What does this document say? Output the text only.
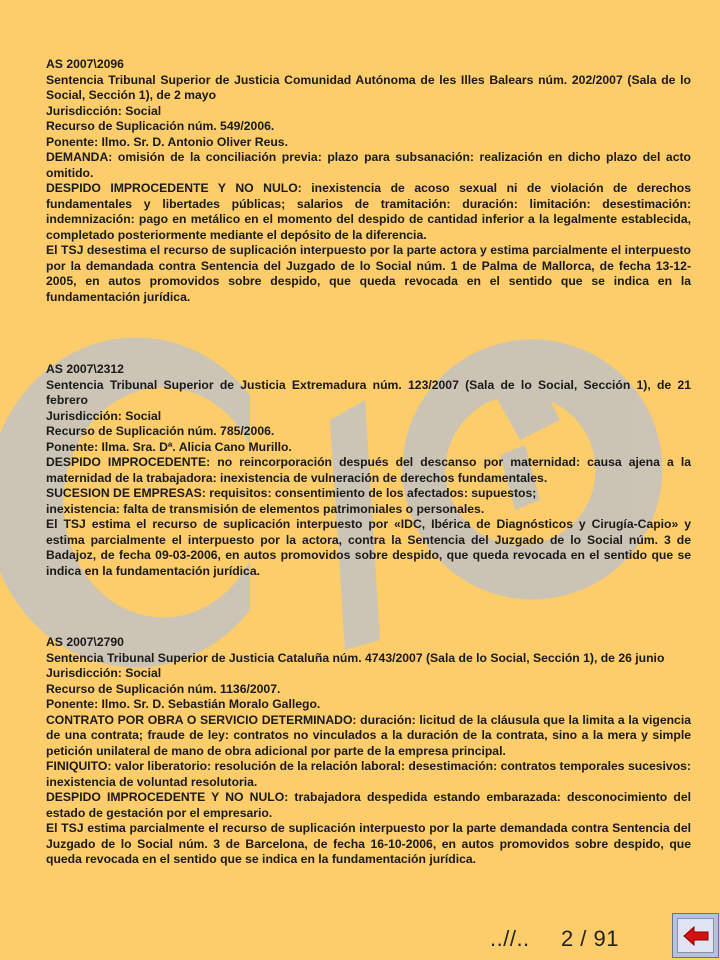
AS 2007\2096

Sentencia Tribunal Superior de Justicia Comunidad Autónoma de les Illes Balears núm. 202/2007 (Sala de lo Social, Sección 1), de 2 mayo

Jurisdicción: Social

Recurso de Suplicación núm. 549/2006.

Ponente: Ilmo. Sr. D. Antonio Oliver Reus.

DEMANDA: omisión de la conciliación previa: plazo para subsanación: realización en dicho plazo del acto omitido.

DESPIDO IMPROCEDENTE Y NO NULO: inexistencia de acoso sexual ni de violación de derechos fundamentales y libertades públicas; salarios de tramitación: duración: limitación: desestimación: indemnización: pago en metálico en el momento del despido de cantidad inferior a la legalmente establecida, completado posteriormente mediante el depósito de la diferencia.

El TSJ desestima el recurso de suplicación interpuesto por la parte actora y estima parcialmente el interpuesto por la demandada contra Sentencia del Juzgado de lo Social núm. 1 de Palma de Mallorca, de fecha 13-12-2005, en autos promovidos sobre despido, que queda revocada en el sentido que se indica en la fundamentación jurídica.

AS 2007\2312

Sentencia Tribunal Superior de Justicia Extremadura núm. 123/2007 (Sala de lo Social, Sección 1), de 21 febrero

Jurisdicción: Social

Recurso de Suplicación núm. 785/2006.

Ponente: Ilma. Sra. Dª. Alicia Cano Murillo.

DESPIDO IMPROCEDENTE: no reincorporación después del descanso por maternidad: causa ajena a la maternidad de la trabajadora: inexistencia de vulneración de derechos fundamentales.

SUCESION DE EMPRESAS: requisitos: consentimiento de los afectados: supuestos;

inexistencia: falta de transmisión de elementos patrimoniales o personales.

El TSJ estima el recurso de suplicación interpuesto por «IDC, Ibérica de Diagnósticos y Cirugía-Capio» y estima parcialmente el interpuesto por la actora, contra la Sentencia del Juzgado de lo Social núm. 3 de Badajoz, de fecha 09-03-2006, en autos promovidos sobre despido, que queda revocada en el sentido que se indica en la fundamentación jurídica.

AS 2007\2790

Sentencia Tribunal Superior de Justicia Cataluña núm. 4743/2007 (Sala de lo Social, Sección 1), de 26 junio

Jurisdicción: Social

Recurso de Suplicación núm. 1136/2007.

Ponente: Ilmo. Sr. D. Sebastián Moralo Gallego.

CONTRATO POR OBRA O SERVICIO DETERMINADO: duración: licitud de la cláusula que la limita a la vigencia de una contrata; fraude de ley: contratos no vinculados a la duración de la contrata, sino a la mera y simple petición unilateral de mano de obra adicional por parte de la empresa principal.

FINIQUITO: valor liberatorio: resolución de la relación laboral: desestimación: contratos temporales sucesivos: inexistencia de voluntad resolutoria.

DESPIDO IMPROCEDENTE Y NO NULO: trabajadora despedida estando embarazada: desconocimiento del estado de gestación por el empresario.

El TSJ estima parcialmente el recurso de suplicación interpuesto por la parte demandada contra Sentencia del Juzgado de lo Social núm. 3 de Barcelona, de fecha 16-10-2006, en autos promovidos sobre despido, que queda revocada en el sentido que se indica en la fundamentación jurídica.

..//.. 2 / 91
